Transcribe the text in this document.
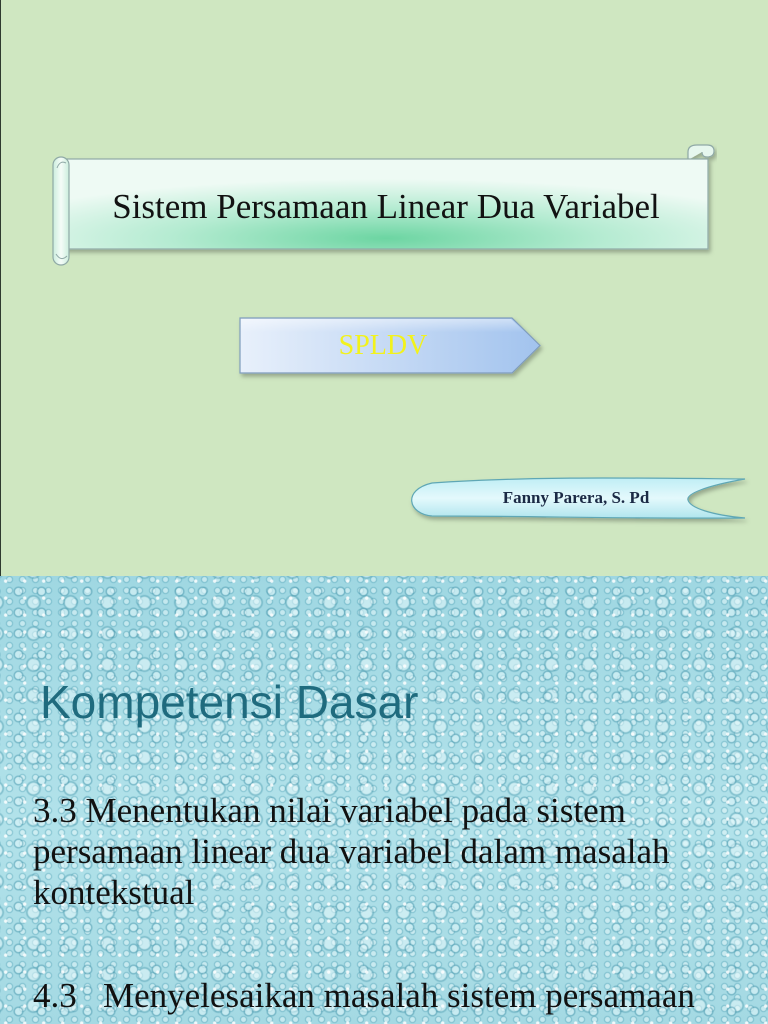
Sistem Persamaan Linear Dua Variabel
SPLDV
Fanny Parera, S. Pd
Kompetensi Dasar
3.3 Menentukan nilai variabel pada sistem
persamaan linear dua variabel dalam masalah
kontekstual
4.3   Menyelesaikan masalah sistem persamaan
